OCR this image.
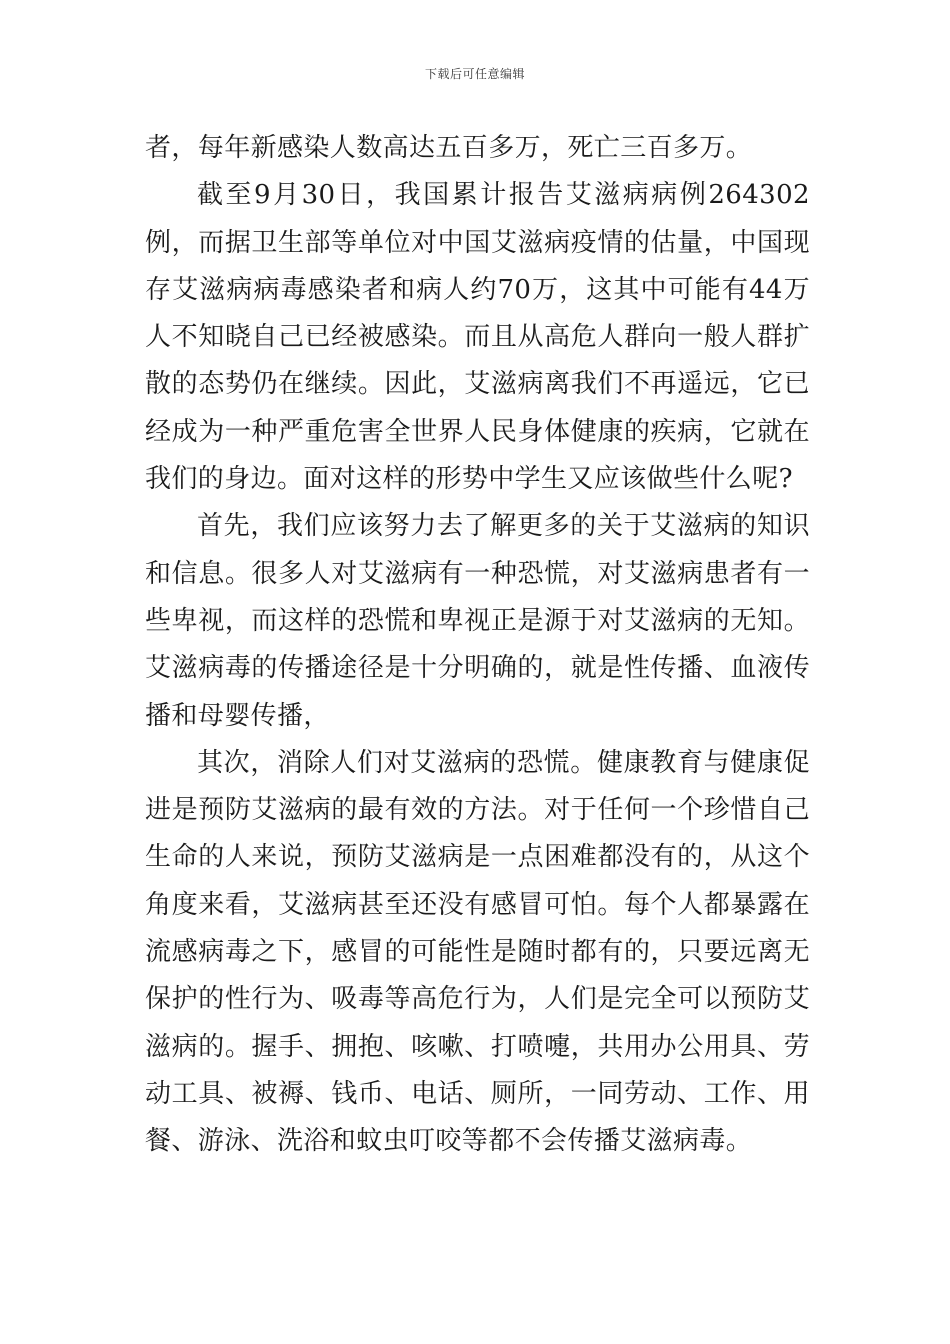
下载后可任意编辑

者，每年新感染人数高达五百多万，死亡三百多万。

截至9月30日，我国累计报告艾滋病病例264302例，而据卫生部等单位对中国艾滋病疫情的估量，中国现存艾滋病病毒感染者和病人约70万，这其中可能有44万人不知晓自己已经被感染。而且从高危人群向一般人群扩散的态势仍在继续。因此，艾滋病离我们不再遥远，它已经成为一种严重危害全世界人民身体健康的疾病，它就在我们的身边。面对这样的形势中学生又应该做些什么呢?

首先，我们应该努力去了解更多的关于艾滋病的知识和信息。很多人对艾滋病有一种恐慌，对艾滋病患者有一些卑视，而这样的恐慌和卑视正是源于对艾滋病的无知。艾滋病毒的传播途径是十分明确的，就是性传播、血液传播和母婴传播，

其次，消除人们对艾滋病的恐慌。健康教育与健康促进是预防艾滋病的最有效的方法。对于任何一个珍惜自己生命的人来说，预防艾滋病是一点困难都没有的，从这个角度来看，艾滋病甚至还没有感冒可怕。每个人都暴露在流感病毒之下，感冒的可能性是随时都有的，只要远离无保护的性行为、吸毒等高危行为，人们是完全可以预防艾滋病的。握手、拥抱、咳嗽、打喷嚏，共用办公用具、劳动工具、被褥、钱币、电话、厕所，一同劳动、工作、用餐、游泳、洗浴和蚊虫叮咬等都不会传播艾滋病毒。
